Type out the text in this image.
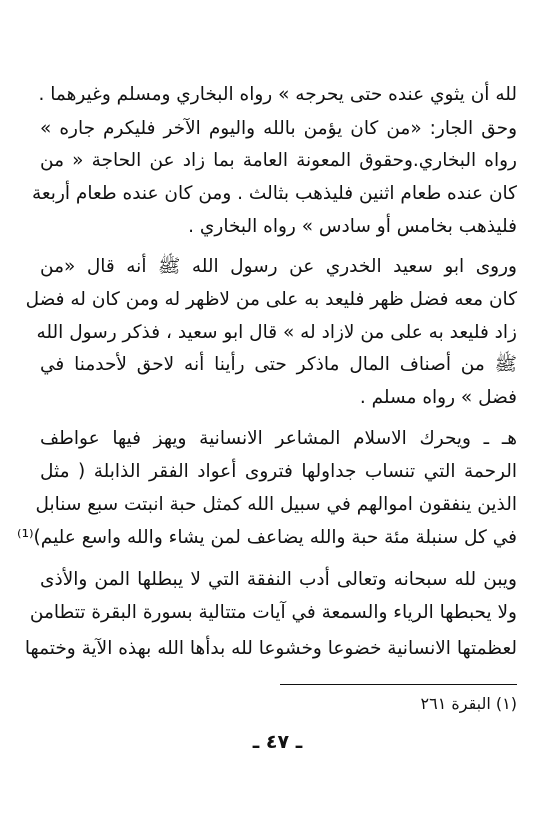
لله أن يثوي عنده حتى يحرجه » رواه البخاري ومسلم وغيرهما .
وحق الجار: «من كان يؤمن بالله واليوم الآخر فليكرم جاره »
رواه البخاري.وحقوق المعونة العامة بما زاد عن الحاجة « من
كان عنده طعام اثنين فليذهب بثالث . ومن كان عنده طعام أربعة
فليذهب بخامس أو سادس » رواه البخاري .
وروى ابو سعيد الخدري عن رسول الله ﷺ أنه قال «من
كان معه فضل ظهر فليعد به على من لاظهر له ومن كان له فضل
زاد فليعد به على من لازاد له » قال ابو سعيد ، فذكر رسول الله
ﷺ من أصناف المال ماذكر حتى رأينا أنه لاحق لأحدمنا في
فضل » رواه مسلم .
هـ ـ ويحرك الاسلام المشاعر الانسانية ويهز فيها عواطف
الرحمة التي تنساب جداولها فتروى أعواد الفقر الذابلة ( مثل
الذين ينفقون اموالهم في سبيل الله كمثل حبة انبتت سبع سنابل
في كل سنبلة مئة حبة والله يضاعف لمن يشاء والله واسع عليم)⁽¹⁾
ويبن لله سبحانه وتعالى أدب النفقة التي لا يبطلها المن والأذى
ولا يحبطها الرياء والسمعة في آيات متتالية بسورة البقرة تتطامن
لعظمتها الانسانية خضوعا وخشوعا لله بدأها الله بهذه الآية وختمها
(١) البقرة ٢٦١
ـ ٤٧ ـ
